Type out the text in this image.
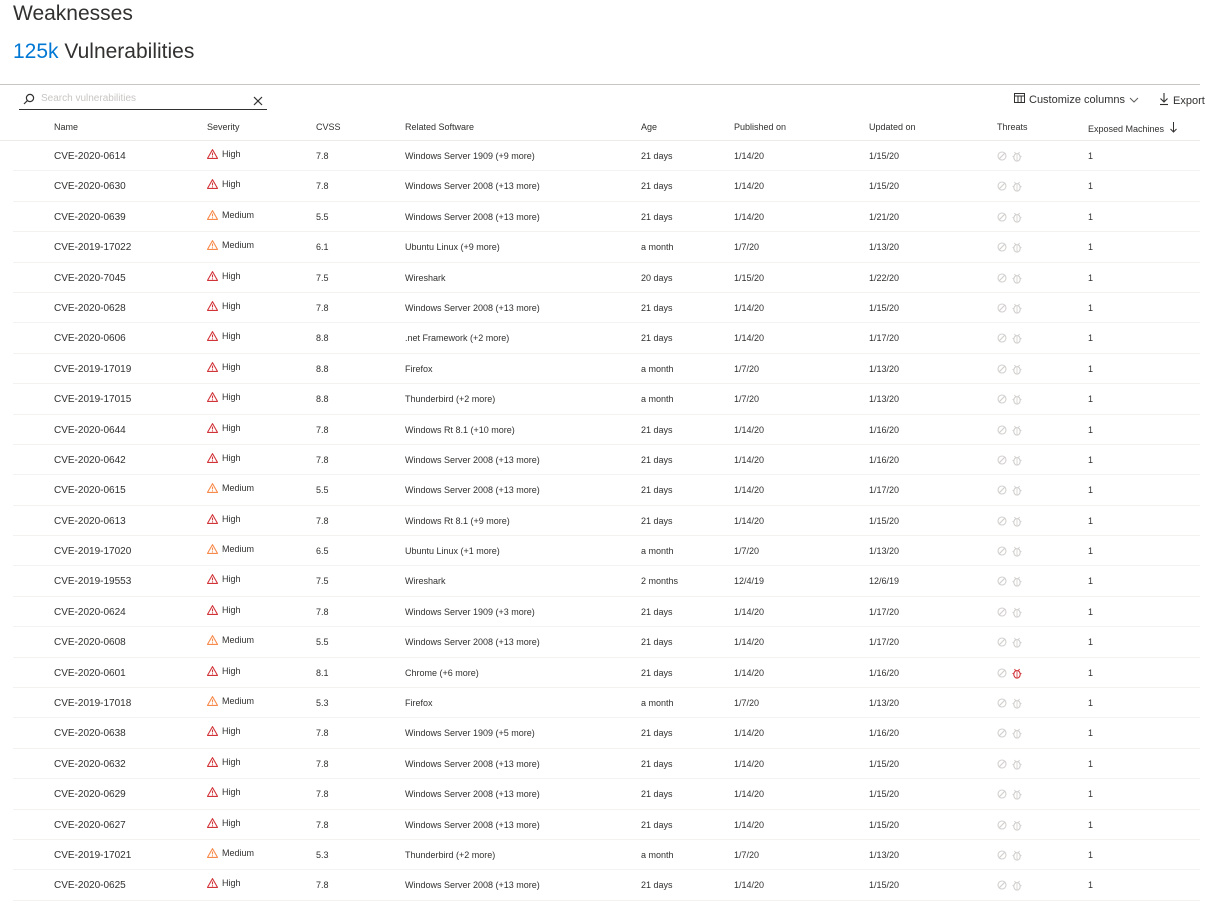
Weaknesses
125k Vulnerabilities
Search vulnerabilities
Customize columns	Export
Name	Severity	CVSS	Related Software	Age	Published on	Updated on	Threats	Exposed Machines
CVE-2020-0614	High	7.8	Windows Server 1909 (+9 more)	21 days	1/14/20	1/15/20	1
CVE-2020-0630	High	7.8	Windows Server 2008 (+13 more)	21 days	1/14/20	1/15/20	1
CVE-2020-0639	Medium	5.5	Windows Server 2008 (+13 more)	21 days	1/14/20	1/21/20	1
CVE-2019-17022	Medium	6.1	Ubuntu Linux (+9 more)	a month	1/7/20	1/13/20	1
CVE-2020-7045	High	7.5	Wireshark	20 days	1/15/20	1/22/20	1
CVE-2020-0628	High	7.8	Windows Server 2008 (+13 more)	21 days	1/14/20	1/15/20	1
CVE-2020-0606	High	8.8	.net Framework (+2 more)	21 days	1/14/20	1/17/20	1
CVE-2019-17019	High	8.8	Firefox	a month	1/7/20	1/13/20	1
CVE-2019-17015	High	8.8	Thunderbird (+2 more)	a month	1/7/20	1/13/20	1
CVE-2020-0644	High	7.8	Windows Rt 8.1 (+10 more)	21 days	1/14/20	1/16/20	1
CVE-2020-0642	High	7.8	Windows Server 2008 (+13 more)	21 days	1/14/20	1/16/20	1
CVE-2020-0615	Medium	5.5	Windows Server 2008 (+13 more)	21 days	1/14/20	1/17/20	1
CVE-2020-0613	High	7.8	Windows Rt 8.1 (+9 more)	21 days	1/14/20	1/15/20	1
CVE-2019-17020	Medium	6.5	Ubuntu Linux (+1 more)	a month	1/7/20	1/13/20	1
CVE-2019-19553	High	7.5	Wireshark	2 months	12/4/19	12/6/19	1
CVE-2020-0624	High	7.8	Windows Server 1909 (+3 more)	21 days	1/14/20	1/17/20	1
CVE-2020-0608	Medium	5.5	Windows Server 2008 (+13 more)	21 days	1/14/20	1/17/20	1
CVE-2020-0601	High	8.1	Chrome (+6 more)	21 days	1/14/20	1/16/20	1
CVE-2019-17018	Medium	5.3	Firefox	a month	1/7/20	1/13/20	1
CVE-2020-0638	High	7.8	Windows Server 1909 (+5 more)	21 days	1/14/20	1/16/20	1
CVE-2020-0632	High	7.8	Windows Server 2008 (+13 more)	21 days	1/14/20	1/15/20	1
CVE-2020-0629	High	7.8	Windows Server 2008 (+13 more)	21 days	1/14/20	1/15/20	1
CVE-2020-0627	High	7.8	Windows Server 2008 (+13 more)	21 days	1/14/20	1/15/20	1
CVE-2019-17021	Medium	5.3	Thunderbird (+2 more)	a month	1/7/20	1/13/20	1
CVE-2020-0625	High	7.8	Windows Server 2008 (+13 more)	21 days	1/14/20	1/15/20	1
